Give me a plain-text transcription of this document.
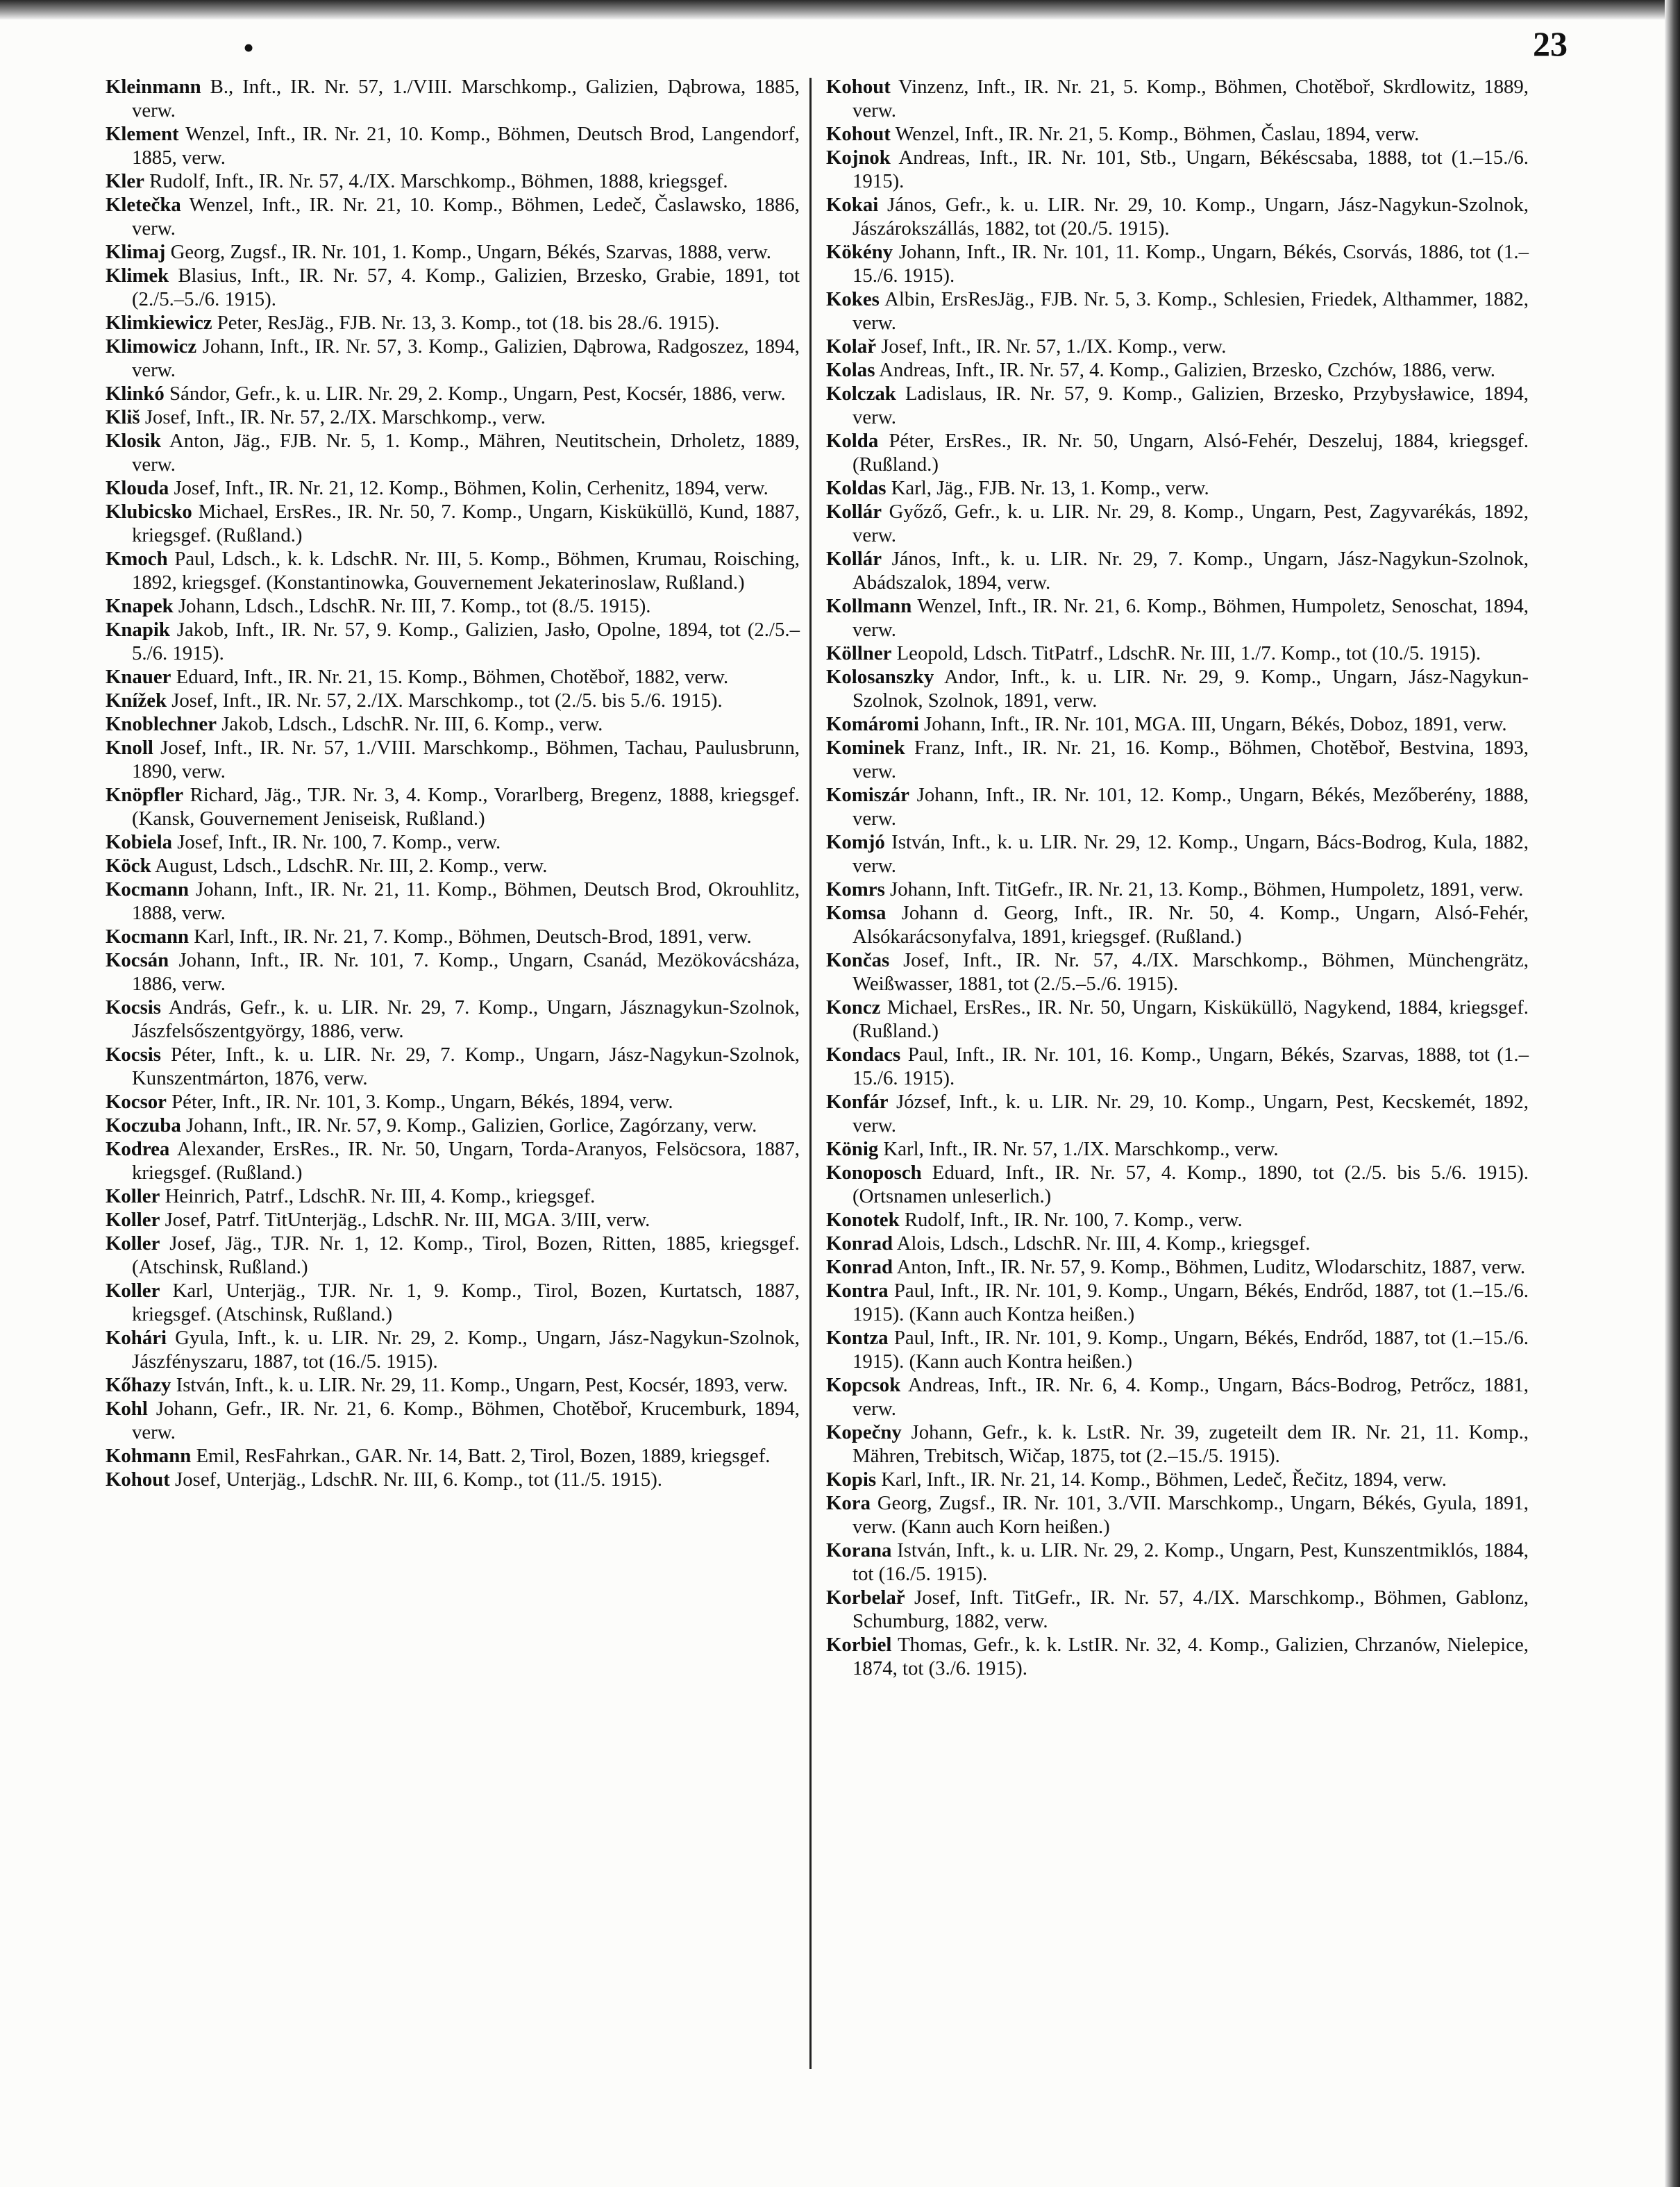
•	23

Kleinmann B., Inft., IR. Nr. 57, 1./VIII. Marschkomp., Galizien, Dąbrowa, 1885, verw.

Klement Wenzel, Inft., IR. Nr. 21, 10. Komp., Böhmen, Deutsch Brod, Langendorf, 1885, verw.

Kler Rudolf, Inft., IR. Nr. 57, 4./IX. Marschkomp., Böhmen, 1888, kriegsgef.

Kletečka Wenzel, Inft., IR. Nr. 21, 10. Komp., Böhmen, Ledeč, Časlawsko, 1886, verw.

Klimaj Georg, Zugsf., IR. Nr. 101, 1. Komp., Ungarn, Békés, Szarvas, 1888, verw.

Klimek Blasius, Inft., IR. Nr. 57, 4. Komp., Galizien, Brzesko, Grabie, 1891, tot (2./5.–5./6. 1915).

Klimkiewicz Peter, ResJäg., FJB. Nr. 13, 3. Komp., tot (18. bis 28./6. 1915).

Klimowicz Johann, Inft., IR. Nr. 57, 3. Komp., Galizien, Dąbrowa, Radgoszez, 1894, verw.

Klinkó Sándor, Gefr., k. u. LIR. Nr. 29, 2. Komp., Ungarn, Pest, Kocsér, 1886, verw.

Kliš Josef, Inft., IR. Nr. 57, 2./IX. Marschkomp., verw.

Klosik Anton, Jäg., FJB. Nr. 5, 1. Komp., Mähren, Neutitschein, Drholetz, 1889, verw.

Klouda Josef, Inft., IR. Nr. 21, 12. Komp., Böhmen, Kolin, Cerhenitz, 1894, verw.

Klubicsko Michael, ErsRes., IR. Nr. 50, 7. Komp., Ungarn, Kisküküllö, Kund, 1887, kriegsgef. (Rußland.)

Kmoch Paul, Ldsch., k. k. LdschR. Nr. III, 5. Komp., Böhmen, Krumau, Roisching, 1892, kriegsgef. (Konstantinowka, Gouvernement Jekaterinoslaw, Rußland.)

Knapek Johann, Ldsch., LdschR. Nr. III, 7. Komp., tot (8./5. 1915).

Knapik Jakob, Inft., IR. Nr. 57, 9. Komp., Galizien, Jasło, Opolne, 1894, tot (2./5.–5./6. 1915).

Knauer Eduard, Inft., IR. Nr. 21, 15. Komp., Böhmen, Chotěboř, 1882, verw.

Knížek Josef, Inft., IR. Nr. 57, 2./IX. Marschkomp., tot (2./5. bis 5./6. 1915).

Knoblechner Jakob, Ldsch., LdschR. Nr. III, 6. Komp., verw.

Knoll Josef, Inft., IR. Nr. 57, 1./VIII. Marschkomp., Böhmen, Tachau, Paulusbrunn, 1890, verw.

Knöpfler Richard, Jäg., TJR. Nr. 3, 4. Komp., Vorarlberg, Bregenz, 1888, kriegsgef. (Kansk, Gouvernement Jeniseisk, Rußland.)

Kobiela Josef, Inft., IR. Nr. 100, 7. Komp., verw.

Köck August, Ldsch., LdschR. Nr. III, 2. Komp., verw.

Kocmann Johann, Inft., IR. Nr. 21, 11. Komp., Böhmen, Deutsch Brod, Okrouhlitz, 1888, verw.

Kocmann Karl, Inft., IR. Nr. 21, 7. Komp., Böhmen, Deutsch-Brod, 1891, verw.

Kocsán Johann, Inft., IR. Nr. 101, 7. Komp., Ungarn, Csanád, Mezökovácsháza, 1886, verw.

Kocsis András, Gefr., k. u. LIR. Nr. 29, 7. Komp., Ungarn, Jásznagykun-Szolnok, Jászfelsőszentgyörgy, 1886, verw.

Kocsis Péter, Inft., k. u. LIR. Nr. 29, 7. Komp., Ungarn, Jász-Nagykun-Szolnok, Kunszentmárton, 1876, verw.

Kocsor Péter, Inft., IR. Nr. 101, 3. Komp., Ungarn, Békés, 1894, verw.

Koczuba Johann, Inft., IR. Nr. 57, 9. Komp., Galizien, Gorlice, Zagórzany, verw.

Kodrea Alexander, ErsRes., IR. Nr. 50, Ungarn, Torda-Aranyos, Felsöcsora, 1887, kriegsgef. (Rußland.)

Koller Heinrich, Patrf., LdschR. Nr. III, 4. Komp., kriegsgef.

Koller Josef, Patrf. TitUnterjäg., LdschR. Nr. III, MGA. 3/III, verw.

Koller Josef, Jäg., TJR. Nr. 1, 12. Komp., Tirol, Bozen, Ritten, 1885, kriegsgef. (Atschinsk, Rußland.)

Koller Karl, Unterjäg., TJR. Nr. 1, 9. Komp., Tirol, Bozen, Kurtatsch, 1887, kriegsgef. (Atschinsk, Rußland.)

Kohári Gyula, Inft., k. u. LIR. Nr. 29, 2. Komp., Ungarn, Jász-Nagykun-Szolnok, Jászfényszaru, 1887, tot (16./5. 1915).

Kőhazy István, Inft., k. u. LIR. Nr. 29, 11. Komp., Ungarn, Pest, Kocsér, 1893, verw.

Kohl Johann, Gefr., IR. Nr. 21, 6. Komp., Böhmen, Chotěboř, Krucemburk, 1894, verw.

Kohmann Emil, ResFahrkan., GAR. Nr. 14, Batt. 2, Tirol, Bozen, 1889, kriegsgef.

Kohout Josef, Unterjäg., LdschR. Nr. III, 6. Komp., tot (11./5. 1915).

Kohout Vinzenz, Inft., IR. Nr. 21, 5. Komp., Böhmen, Chotěboř, Skrdlowitz, 1889, verw.

Kohout Wenzel, Inft., IR. Nr. 21, 5. Komp., Böhmen, Časlau, 1894, verw.

Kojnok Andreas, Inft., IR. Nr. 101, Stb., Ungarn, Békéscsaba, 1888, tot (1.–15./6. 1915).

Kokai János, Gefr., k. u. LIR. Nr. 29, 10. Komp., Ungarn, Jász-Nagykun-Szolnok, Jászárokszállás, 1882, tot (20./5. 1915).

Kökény Johann, Inft., IR. Nr. 101, 11. Komp., Ungarn, Békés, Csorvás, 1886, tot (1.–15./6. 1915).

Kokes Albin, ErsResJäg., FJB. Nr. 5, 3. Komp., Schlesien, Friedek, Althammer, 1882, verw.

Kolař Josef, Inft., IR. Nr. 57, 1./IX. Komp., verw.

Kolas Andreas, Inft., IR. Nr. 57, 4. Komp., Galizien, Brzesko, Czchów, 1886, verw.

Kolczak Ladislaus, IR. Nr. 57, 9. Komp., Galizien, Brzesko, Przybysławice, 1894, verw.

Kolda Péter, ErsRes., IR. Nr. 50, Ungarn, Alsó-Fehér, Deszeluj, 1884, kriegsgef. (Rußland.)

Koldas Karl, Jäg., FJB. Nr. 13, 1. Komp., verw.

Kollár Győző, Gefr., k. u. LIR. Nr. 29, 8. Komp., Ungarn, Pest, Zagyvarékás, 1892, verw.

Kollár János, Inft., k. u. LIR. Nr. 29, 7. Komp., Ungarn, Jász-Nagykun-Szolnok, Abádszalok, 1894, verw.

Kollmann Wenzel, Inft., IR. Nr. 21, 6. Komp., Böhmen, Humpoletz, Senoschat, 1894, verw.

Köllner Leopold, Ldsch. TitPatrf., LdschR. Nr. III, 1./7. Komp., tot (10./5. 1915).

Kolosanszky Andor, Inft., k. u. LIR. Nr. 29, 9. Komp., Ungarn, Jász-Nagykun-Szolnok, Szolnok, 1891, verw.

Komáromi Johann, Inft., IR. Nr. 101, MGA. III, Ungarn, Békés, Doboz, 1891, verw.

Kominek Franz, Inft., IR. Nr. 21, 16. Komp., Böhmen, Chotěboř, Bestvina, 1893, verw.

Komiszár Johann, Inft., IR. Nr. 101, 12. Komp., Ungarn, Békés, Mezőberény, 1888, verw.

Komjó István, Inft., k. u. LIR. Nr. 29, 12. Komp., Ungarn, Bács-Bodrog, Kula, 1882, verw.

Komrs Johann, Inft. TitGefr., IR. Nr. 21, 13. Komp., Böhmen, Humpoletz, 1891, verw.

Komsa Johann d. Georg, Inft., IR. Nr. 50, 4. Komp., Ungarn, Alsó-Fehér, Alsókarácsonyfalva, 1891, kriegsgef. (Rußland.)

Končas Josef, Inft., IR. Nr. 57, 4./IX. Marschkomp., Böhmen, Münchengrätz, Weißwasser, 1881, tot (2./5.–5./6. 1915).

Koncz Michael, ErsRes., IR. Nr. 50, Ungarn, Kisküküllö, Nagykend, 1884, kriegsgef. (Rußland.)

Kondacs Paul, Inft., IR. Nr. 101, 16. Komp., Ungarn, Békés, Szarvas, 1888, tot (1.–15./6. 1915).

Konfár József, Inft., k. u. LIR. Nr. 29, 10. Komp., Ungarn, Pest, Kecskemét, 1892, verw.

König Karl, Inft., IR. Nr. 57, 1./IX. Marschkomp., verw.

Konoposch Eduard, Inft., IR. Nr. 57, 4. Komp., 1890, tot (2./5. bis 5./6. 1915). (Ortsnamen unleserlich.)

Konotek Rudolf, Inft., IR. Nr. 100, 7. Komp., verw.

Konrad Alois, Ldsch., LdschR. Nr. III, 4. Komp., kriegsgef.

Konrad Anton, Inft., IR. Nr. 57, 9. Komp., Böhmen, Luditz, Wlodarschitz, 1887, verw.

Kontra Paul, Inft., IR. Nr. 101, 9. Komp., Ungarn, Békés, Endrőd, 1887, tot (1.–15./6. 1915). (Kann auch Kontza heißen.)

Kontza Paul, Inft., IR. Nr. 101, 9. Komp., Ungarn, Békés, Endrőd, 1887, tot (1.–15./6. 1915). (Kann auch Kontra heißen.)

Kopcsok Andreas, Inft., IR. Nr. 6, 4. Komp., Ungarn, Bács-Bodrog, Petrőcz, 1881, verw.

Kopečny Johann, Gefr., k. k. LstR. Nr. 39, zugeteilt dem IR. Nr. 21, 11. Komp., Mähren, Trebitsch, Wičap, 1875, tot (2.–15./5. 1915).

Kopis Karl, Inft., IR. Nr. 21, 14. Komp., Böhmen, Ledeč, Řečitz, 1894, verw.

Kora Georg, Zugsf., IR. Nr. 101, 3./VII. Marschkomp., Ungarn, Békés, Gyula, 1891, verw. (Kann auch Korn heißen.)

Korana István, Inft., k. u. LIR. Nr. 29, 2. Komp., Ungarn, Pest, Kunszentmiklós, 1884, tot (16./5. 1915).

Korbelař Josef, Inft. TitGefr., IR. Nr. 57, 4./IX. Marschkomp., Böhmen, Gablonz, Schumburg, 1882, verw.

Korbiel Thomas, Gefr., k. k. LstIR. Nr. 32, 4. Komp., Galizien, Chrzanów, Nielepice, 1874, tot (3./6. 1915).
